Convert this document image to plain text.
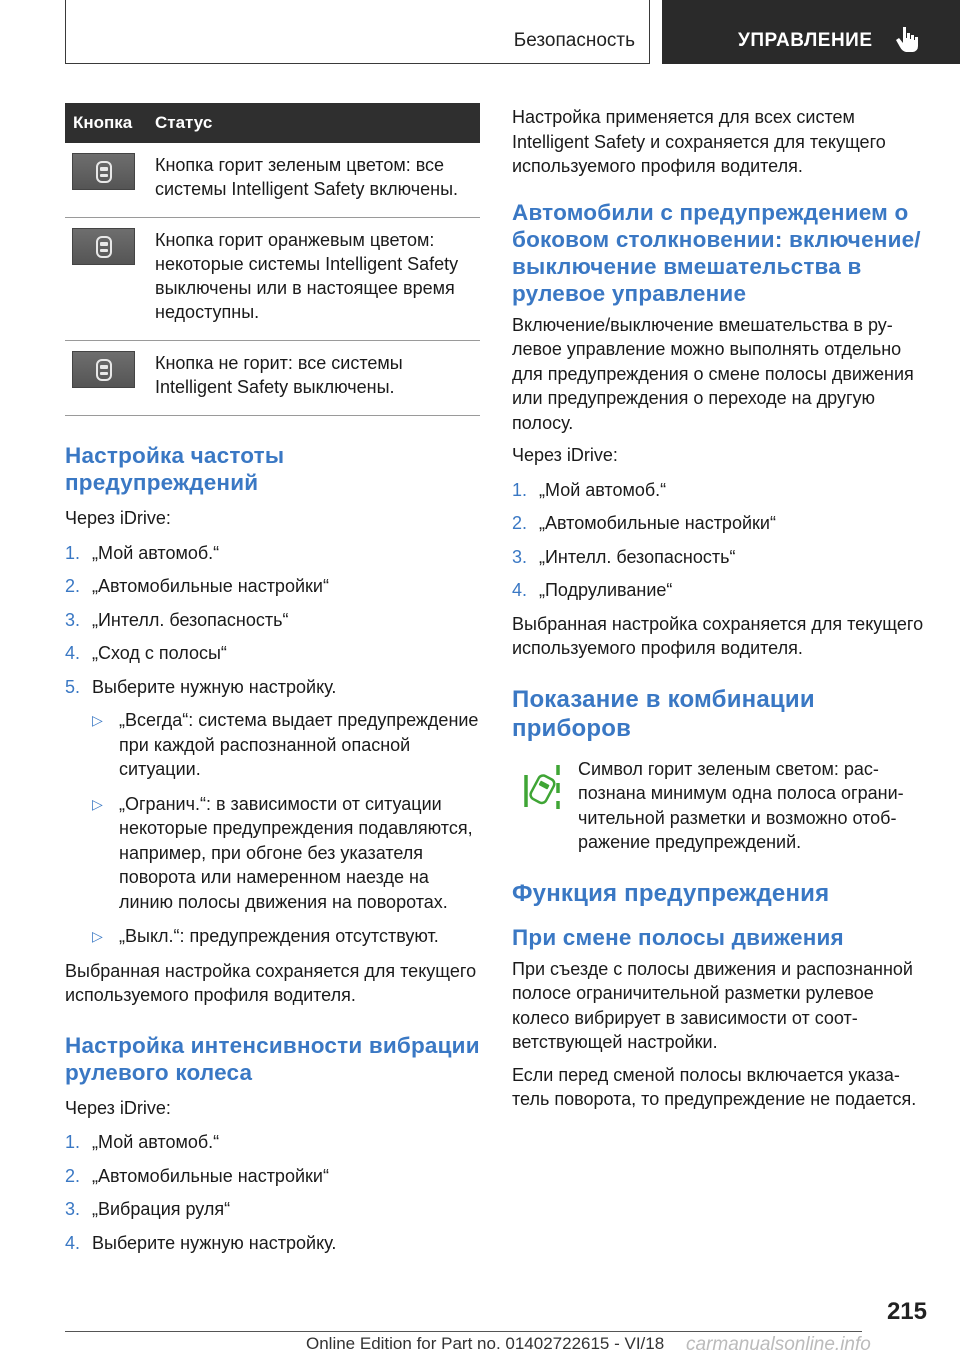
Безопасность	УПРАВЛЕНИЕ
Кнопка	Статус

	Кнопка горит зеленым цветом: все системы Intelligent Safety включены.

	Кнопка горит оранжевым цветом: некоторые системы Intelligent Safety выключены или в настоящее время недоступны.

	Кнопка не горит: все системы Intelligent Safety выключены.
Настройка частоты предупреждений
Через iDrive:
1. „Мой автомоб.“
2. „Автомобильные настройки“
3. „Интелл. безопасность“
4. „Сход с полосы“
5. Выберите нужную настройку.
▷ „Всегда“: система выдает предупреждение при каждой распознанной опасной ситуации.
▷ „Огранич.“: в зависимости от ситуации некоторые предупреждения подавляются, например, при обгоне без указателя поворота или намеренном наезде на линию полосы движения на поворотах.
▷ „Выкл.“: предупреждения отсутствуют.
Выбранная настройка сохраняется для текущего используемого профиля водителя.
Настройка интенсивности вибрации рулевого колеса
Через iDrive:
1. „Мой автомоб.“
2. „Автомобильные настройки“
3. „Вибрация руля“
4. Выберите нужную настройку.
Настройка применяется для всех систем Intelligent Safety и сохраняется для текущего используемого профиля водителя.
Автомобили с предупреждением о боковом столкновении: включение/выключение вмешательства в рулевое управление
Включение/выключение вмешательства в рулевое управление можно выполнять отдельно для предупреждения о смене полосы движения или предупреждения о переходе на другую полосу.
Через iDrive:
1. „Мой автомоб.“
2. „Автомобильные настройки“
3. „Интелл. безопасность“
4. „Подруливание“
Выбранная настройка сохраняется для текущего используемого профиля водителя.
Показание в комбинации приборов
Символ горит зеленым светом: распознана минимум одна полоса ограничительной разметки и возможно отображение предупреждений.
Функция предупреждения
При смене полосы движения
При съезде с полосы движения и распознанной полосе ограничительной разметки рулевое колесо вибрирует в зависимости от соответствующей настройки.
Если перед сменой полосы включается указатель поворота, то предупреждение не подается.
215
Online Edition for Part no. 01402722615 - VI/18 carmanualsonline.info
